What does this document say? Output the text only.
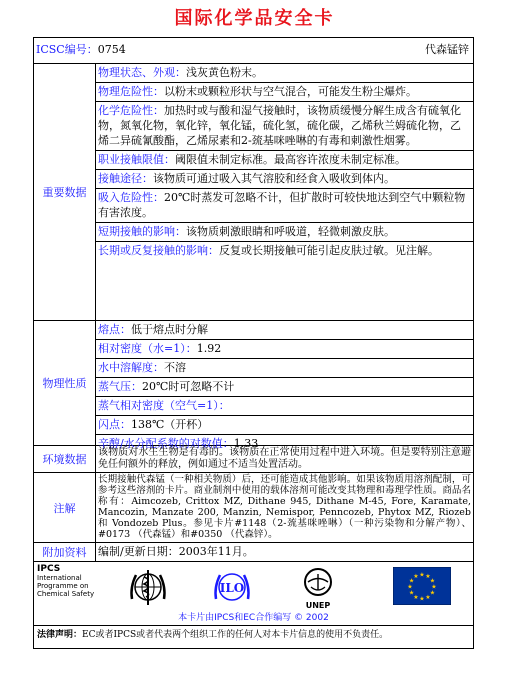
国际化学品安全卡
ICSC编号：0754	代森锰锌
重要数据
物理状态、外观：浅灰黄色粉末。
物理危险性：以粉末或颗粒形状与空气混合，可能发生粉尘爆炸。
化学危险性：加热时或与酸和湿气接触时，该物质缓慢分解生成含有硫氧化物，氮氧化物，氧化锌，氧化锰，硫化氢，硫化碳，乙烯秋兰姆硫化物，乙烯二异硫氰酸酯，乙烯尿素和2-巯基咪唑啉的有毒和刺激性烟雾。
职业接触限值：阈限值未制定标准。最高容许浓度未制定标准。
接触途径：该物质可通过吸入其气溶胶和经食入吸收到体内。
吸入危险性：20℃时蒸发可忽略不计，但扩散时可较快地达到空气中颗粒物有害浓度。
短期接触的影响：该物质刺激眼睛和呼吸道，轻微刺激皮肤。
长期或反复接触的影响：反复或长期接触可能引起皮肤过敏。见注解。
物理性质
熔点：低于熔点时分解
相对密度（水=1）：1.92
水中溶解度：不溶
蒸气压：20℃时可忽略不计
蒸气相对密度（空气=1）：
闪点：138℃（开杯）
辛醇/水分配系数的对数值：1.33
环境数据
该物质对水生生物是有毒的。该物质在正常使用过程中进入环境。但是要特别注意避免任何额外的释放，例如通过不适当处置活动。
注解
长期接触代森锰（一种相关物质）后，还可能造成其他影响。如果该物质用溶剂配制，可参考这些溶剂的卡片。商业制剂中使用的载体溶剂可能改变其物理和毒理学性质。商品名称有：Aimcozeb, Crittox MZ, Dithane 945, Dithane M-45, Fore, Karamate, Mancozin, Manzate 200, Manzin, Nemispor, Penncozeb, Phytox MZ, Riozeb和 Vondozeb Plus。参见卡片#1148（2-巯基咪唑啉）（一种污染物和分解产物）、#0173 （代森锰）和#0350 （代森锌）。
附加资料	编制/更新日期：2003年11月。
IPCS
International
Programme on
Chemical Safety	ILO
UNEP
★ ★
★
★
★
★
★
★
★
★
★
★
本卡片由IPCS和EC合作编写 © 2002
法律声明：EC或者IPCS或者代表两个组织工作的任何人对本卡片信息的使用不负责任。
